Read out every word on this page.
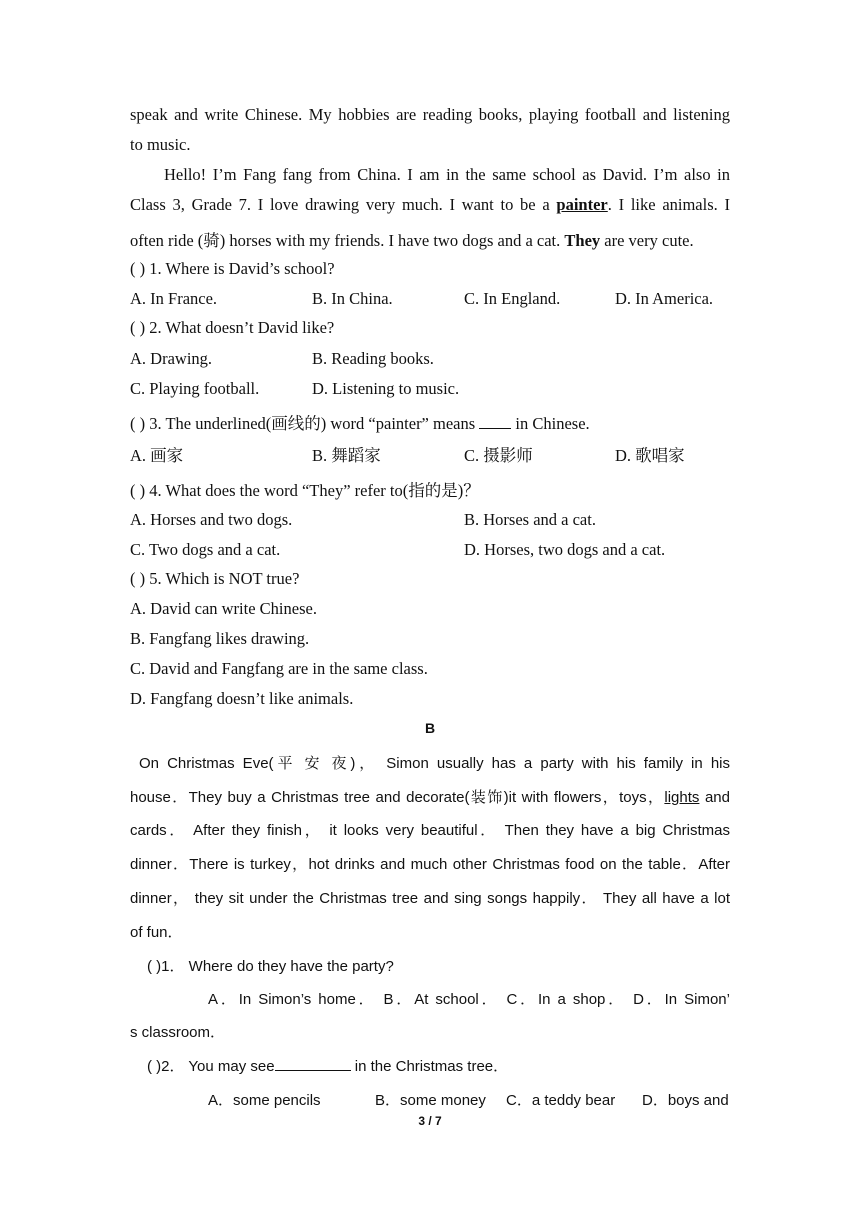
speak and write Chinese. My hobbies are reading books, playing football and listening
to music.
Hello! I’m Fang fang from China. I am in the same school as David. I’m also in
Class 3, Grade 7. I love drawing very much. I want to be a painter. I like animals. I
often ride (骑) horses with my friends. I have two dogs and a cat. They are very cute.
( ) 1. Where is David’s school?
A. In France.	B. In China.	C. In England.	D. In America.
( ) 2. What doesn’t David like?
A. Drawing.	B. Reading books.
C. Playing football.	D. Listening to music.
( ) 3. The underlined(画线的) word “painter” means  in Chinese.
A. 画家	B. 舞蹈家	C. 摄影师	D. 歌唱家
( ) 4. What does the word “They” refer to(指的是)？
A. Horses and two dogs.	B. Horses and a cat.
C. Two dogs and a cat.	D. Horses, two dogs and a cat.
( ) 5. Which is NOT true?
A. David can write Chinese.
B. Fangfang likes drawing.
C. David and Fangfang are in the same class.
D. Fangfang doesn’t like animals.
B
On Christmas Eve(平 安 夜)， Simon usually has a party with his family in his
house．They buy a Christmas tree and decorate(装饰)it with flowers，toys，lights and
cards． After they finish， it looks very beautiful． Then they have a big Christmas
dinner．There is turkey，hot drinks and much other Christmas food on the table．After
dinner， they sit under the Christmas tree and sing songs happily． They all have a lot
of fun．
( )1． Where do they have the party?
A．In Simon’s home． B．At school． C．In a shop． D．In Simon’
s classroom．
( )2． You may see	in the Christmas tree．
A．some pencils	B．some money C．a teddy bear D．boys and
3 / 7
